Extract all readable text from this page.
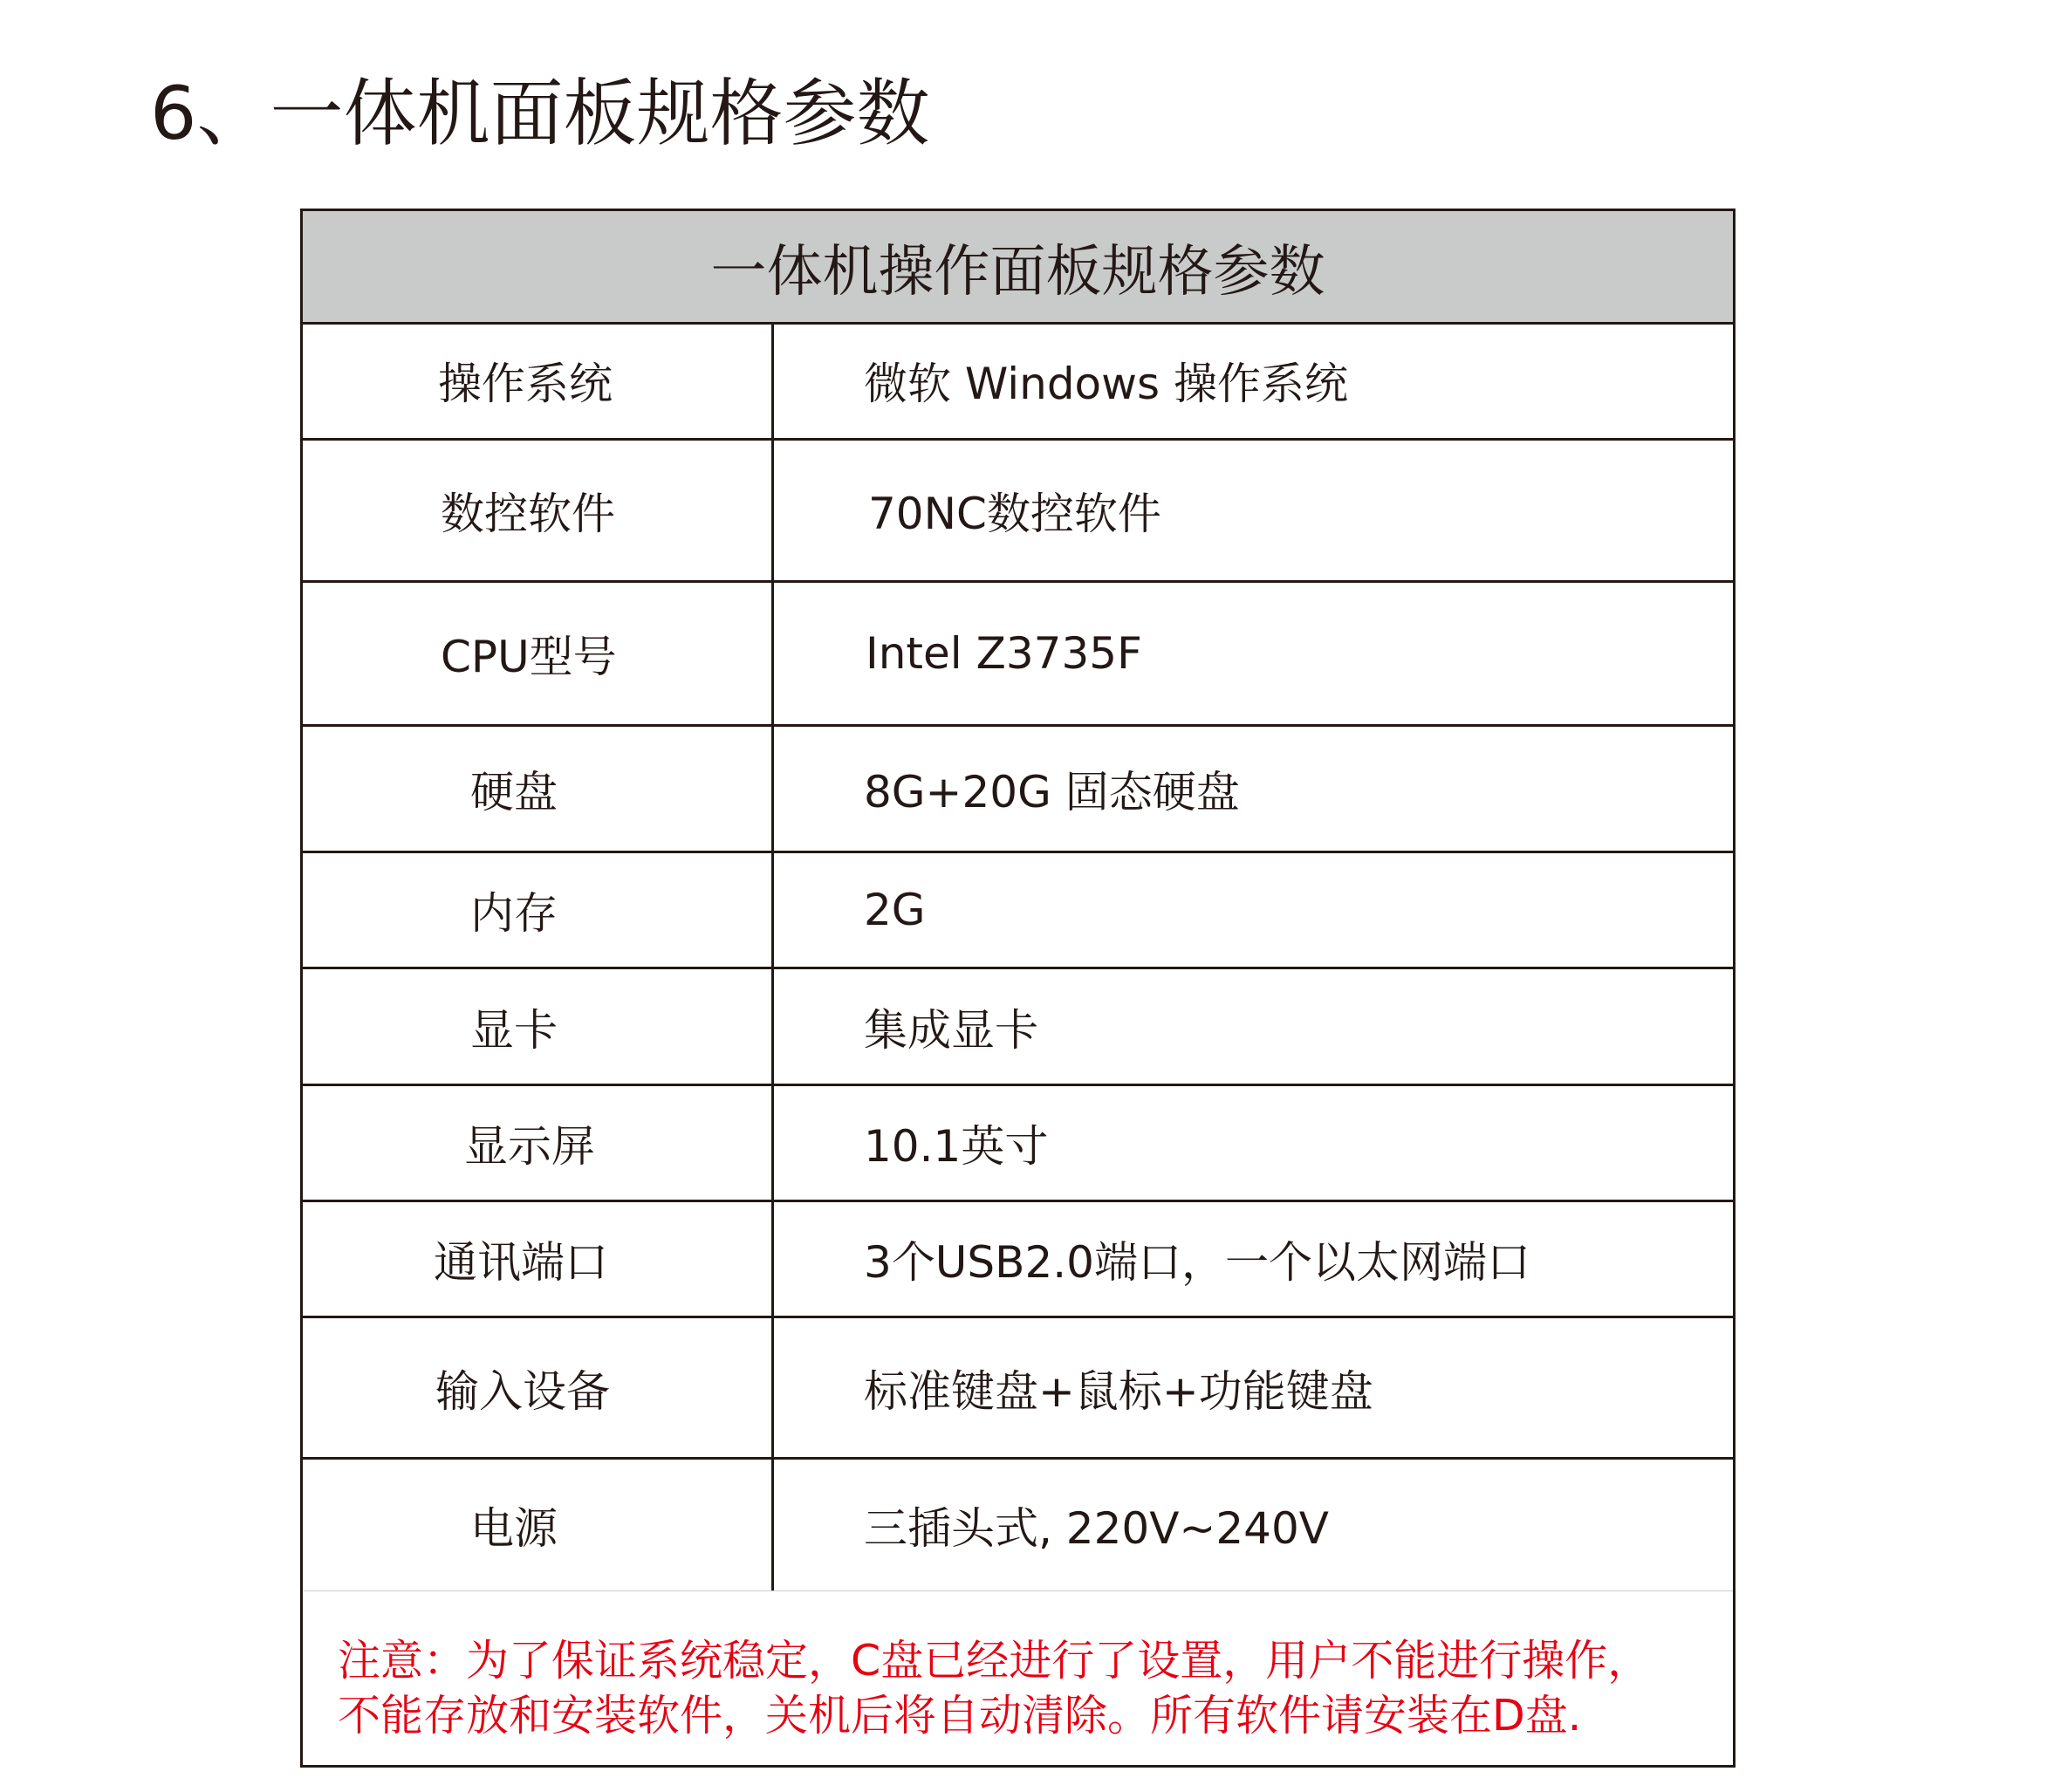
6、一体机面板规格参数
一体机操作面板规格参数
操作系统	微软 Windows 操作系统
数控软件	70NC数控软件
CPU型号	Intel Z3735F
硬盘	8G+20G 固态硬盘
内存	2G
显卡	集成显卡
显示屏	10.1英寸
通讯端口	3个USB2.0端口，一个以太网端口
输入设备	标准键盘+鼠标+功能键盘
电源	三插头式, 220V~240V
注意：为了保证系统稳定，C盘已经进行了设置，用户不能进行操作，
不能存放和安装软件，关机后将自动清除。所有软件请安装在D盘.
